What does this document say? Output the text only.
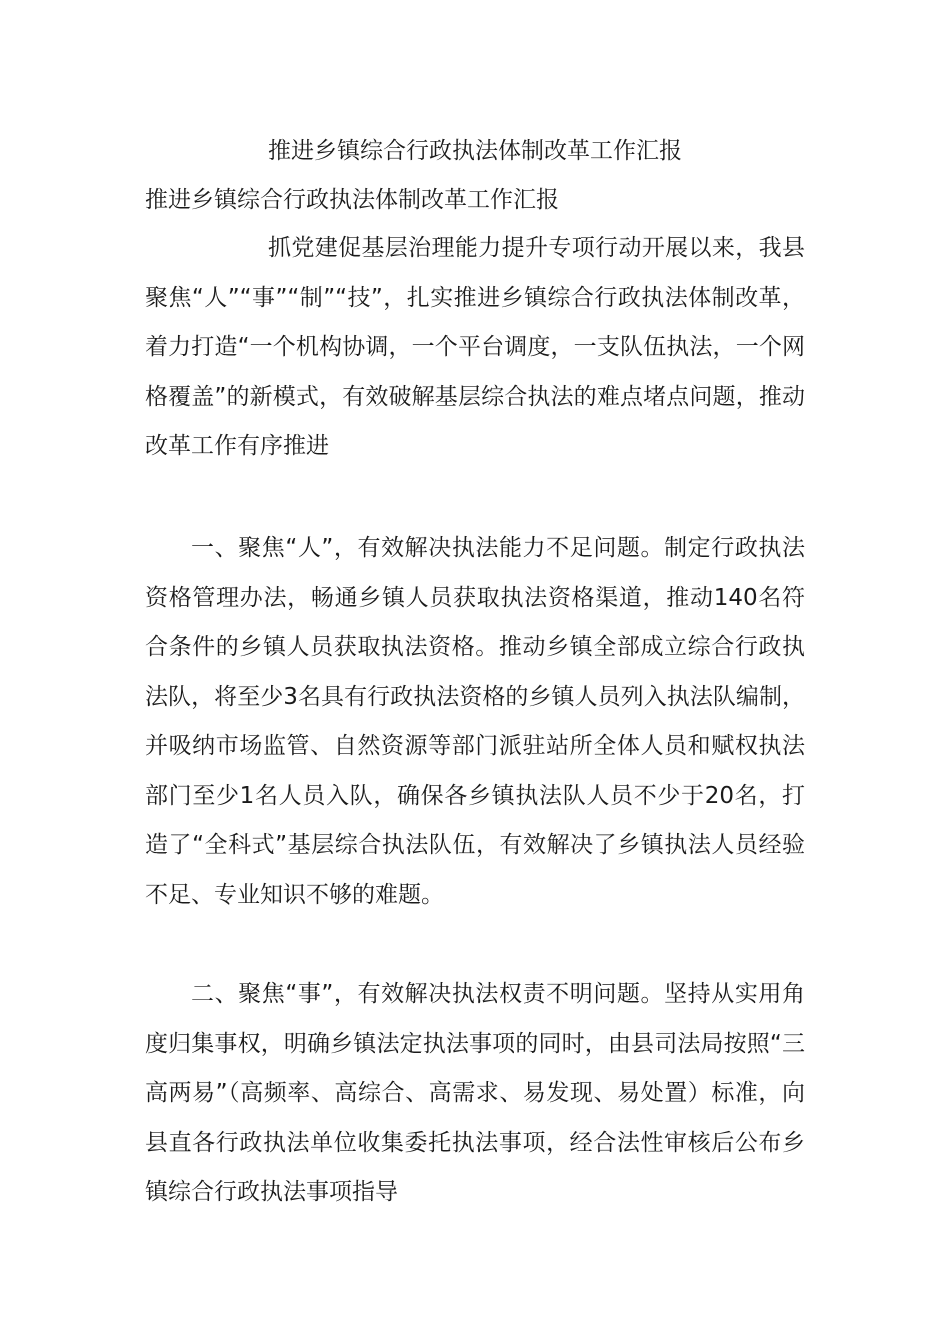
推进乡镇综合行政执法体制改革工作汇报
推进乡镇综合行政执法体制改革工作汇报

抓党建促基层治理能力提升专项行动开展以来，我县聚焦“人”“事”“制”“技”，扎实推进乡镇综合行政执法体制改革，着力打造“一个机构协调，一个平台调度，一支队伍执法，一个网格覆盖”的新模式，有效破解基层综合执法的难点堵点问题，推动改革工作有序推进

一、聚焦“人”，有效解决执法能力不足问题。制定行政执法资格管理办法，畅通乡镇人员获取执法资格渠道，推动140名符合条件的乡镇人员获取执法资格。推动乡镇全部成立综合行政执法队，将至少3名具有行政执法资格的乡镇人员列入执法队编制，并吸纳市场监管、自然资源等部门派驻站所全体人员和赋权执法部门至少1名人员入队，确保各乡镇执法队人员不少于20名，打造了“全科式”基层综合执法队伍，有效解决了乡镇执法人员经验不足、专业知识不够的难题。

二、聚焦“事”，有效解决执法权责不明问题。坚持从实用角度归集事权，明确乡镇法定执法事项的同时，由县司法局按照“三高两易”（高频率、高综合、高需求、易发现、易处置）标准，向县直各行政执法单位收集委托执法事项，经合法性审核后公布乡镇综合行政执法事项指导
